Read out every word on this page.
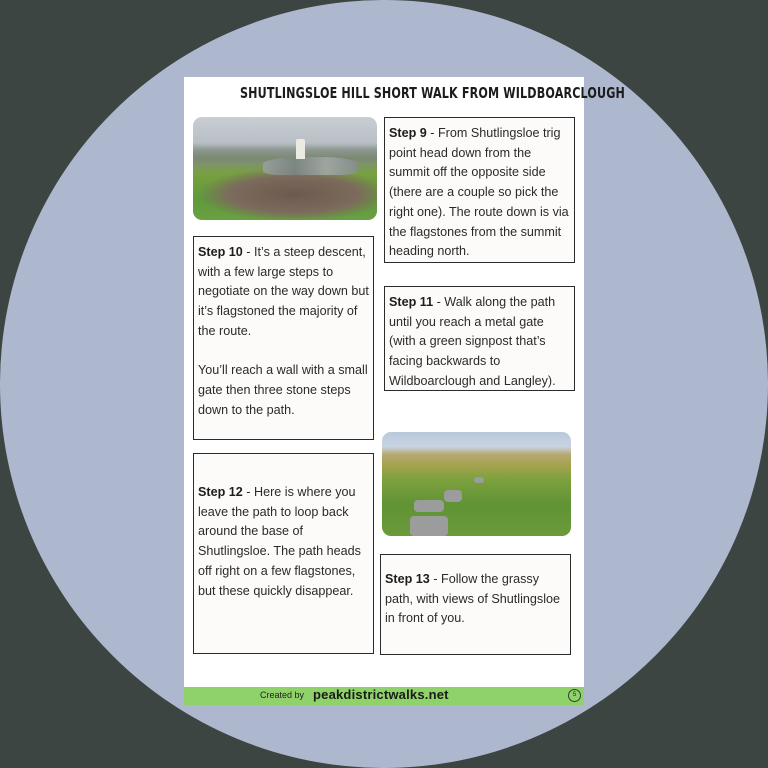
SHUTLINGSLOE HILL SHORT WALK FROM WILDBOARCLOUGH

Step 9 - From Shutlingsloe trig point head down from the summit off the opposite side (there are a couple so pick the right one). The route down is via the flagstones from the summit heading north.

Step 10 - It’s a steep descent, with a few large steps to negotiate on the way down but it’s flagstoned the majority of the route.

You’ll reach a wall with a small gate then three stone steps down to the path.

Step 11 - Walk along the path until you reach a metal gate (with a green signpost that’s facing backwards to Wildboarclough and Langley).

Step 12 - Here is where you leave the path to loop back around the base of Shutlingsloe. The path heads off right on a few flagstones, but these quickly disappear.

Step 13 - Follow the grassy path, with views of Shutlingsloe in front of you.

Created by peakdistrictwalks.net	5
